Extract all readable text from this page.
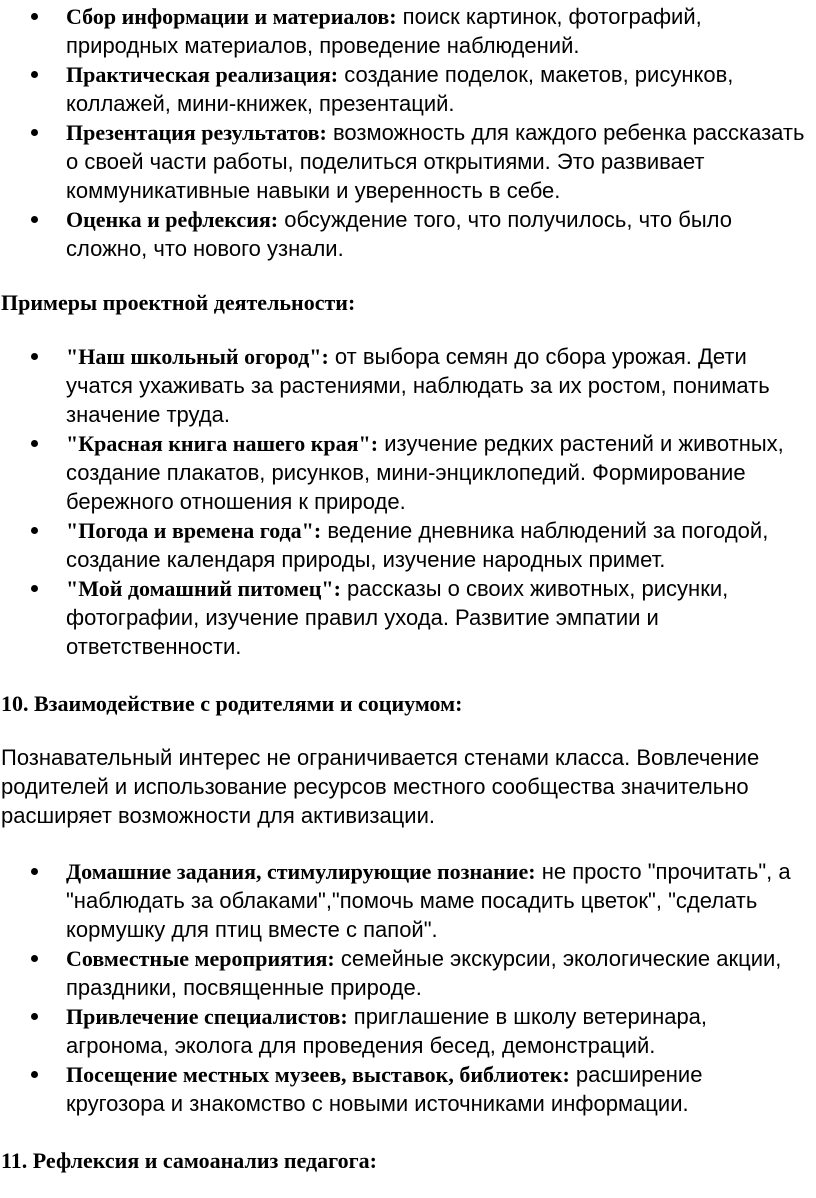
Сбор информации и материалов: поиск картинок, фотографий, природных материалов, проведение наблюдений.
Практическая реализация: создание поделок, макетов, рисунков, коллажей, мини-книжек, презентаций.
Презентация результатов: возможность для каждого ребенка рассказать о своей части работы, поделиться открытиями. Это развивает коммуникативные навыки и уверенность в себе.
Оценка и рефлексия: обсуждение того, что получилось, что было сложно, что нового узнали.

Примеры проектной деятельности:

"Наш школьный огород": от выбора семян до сбора урожая. Дети учатся ухаживать за растениями, наблюдать за их ростом, понимать значение труда.
"Красная книга нашего края": изучение редких растений и животных, создание плакатов, рисунков, мини-энциклопедий. Формирование бережного отношения к природе.
"Погода и времена года": ведение дневника наблюдений за погодой, создание календаря природы, изучение народных примет.
"Мой домашний питомец": рассказы о своих животных, рисунки, фотографии, изучение правил ухода. Развитие эмпатии и ответственности.

10. Взаимодействие с родителями и социумом:

Познавательный интерес не ограничивается стенами класса. Вовлечение родителей и использование ресурсов местного сообщества значительно расширяет возможности для активизации.

Домашние задания, стимулирующие познание: не просто "прочитать", а "наблюдать за облаками","помочь маме посадить цветок", "сделать кормушку для птиц вместе с папой".
Совместные мероприятия: семейные экскурсии, экологические акции, праздники, посвященные природе.
Привлечение специалистов: приглашение в школу ветеринара, агронома, эколога для проведения бесед, демонстраций.
Посещение местных музеев, выставок, библиотек: расширение кругозора и знакомство с новыми источниками информации.

11. Рефлексия и самоанализ педагога:
